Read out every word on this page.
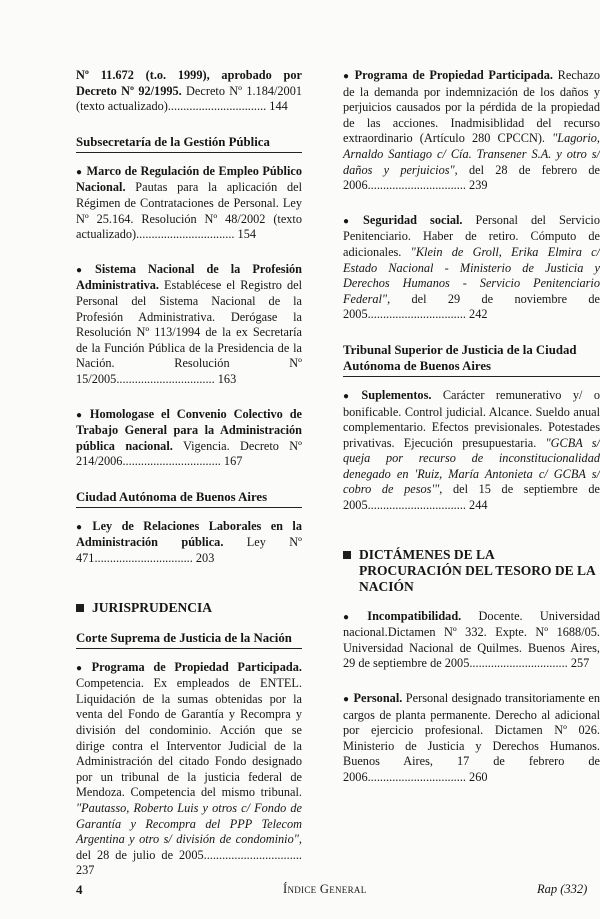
Nº 11.672 (t.o. 1999), aprobado por Decreto Nº 92/1995. Decreto Nº 1.184/2001 (texto actualizado)................................ 144

Subsecretaría de la Gestión Pública

● Marco de Regulación de Empleo Público Nacional. Pautas para la aplicación del Régimen de Contrataciones de Personal. Ley Nº 25.164. Resolución Nº 48/2002 (texto actualizado)................................ 154

● Sistema Nacional de la Profesión Administrativa. Establécese el Registro del Personal del Sistema Nacional de la Profesión Administrativa. Derógase la Resolución Nº 113/1994 de la ex Secretaría de la Función Pública de la Presidencia de la Nación. Resolución Nº 15/2005................................ 163

● Homologase el Convenio Colectivo de Trabajo General para la Administración pública nacional. Vigencia. Decreto Nº 214/2006................................ 167

Ciudad Autónoma de Buenos Aires

● Ley de Relaciones Laborales en la Administración pública. Ley Nº 471................................ 203

JURISPRUDENCIA
Corte Suprema de Justicia de la Nación

● Programa de Propiedad Participada. Competencia. Ex empleados de ENTEL. Liquidación de la sumas obtenidas por la venta del Fondo de Garantía y Recompra y división del condominio. Acción que se dirige contra el Interventor Judicial de la Administración del citado Fondo designado por un tribunal de la justicia federal de Mendoza. Competencia del mismo tribunal. "Pautasso, Roberto Luis y otros c/ Fondo de Garantía y Recompra del PPP Telecom Argentina y otro s/ división de condominio", del 28 de julio de 2005................................ 237

● Programa de Propiedad Participada. Rechazo de la demanda por indemnización de los daños y perjuicios causados por la pérdida de la propiedad de las acciones. Inadmisiblidad del recurso extraordinario (Artículo 280 CPCCN). "Lagorio, Arnaldo Santiago c/ Cía. Transener S.A. y otro s/ daños y perjuicios", del 28 de febrero de 2006................................ 239

● Seguridad social. Personal del Servicio Penitenciario. Haber de retiro. Cómputo de adicionales. "Klein de Groll, Erika Elmira c/ Estado Nacional - Ministerio de Justicia y Derechos Humanos - Servicio Penitenciario Federal", del 29 de noviembre de 2005................................ 242

Tribunal Superior de Justicia de la Ciudad Autónoma de Buenos Aires

● Suplementos. Carácter remunerativo y/ o bonificable. Control judicial. Alcance. Sueldo anual complementario. Efectos previsionales. Potestades privativas. Ejecución presupuestaria. "GCBA s/ queja por recurso de inconstitucionalidad denegado en 'Ruiz, María Antonieta c/ GCBA s/ cobro de pesos'", del 15 de septiembre de 2005................................ 244

DICTÁMENES DE LA PROCURACIÓN DEL TESORO DE LA NACIÓN

● Incompatibilidad. Docente. Universidad nacional.Dictamen Nº 332. Expte. Nº 1688/05. Universidad Nacional de Quilmes. Buenos Aires, 29 de septiembre de 2005................................ 257

● Personal. Personal designado transitoriamente en cargos de planta permanente. Derecho al adicional por ejercicio profesional. Dictamen Nº 026. Ministerio de Justicia y Derechos Humanos. Buenos Aires, 17 de febrero de 2006................................ 260

4	Índice General	Rap (332)
